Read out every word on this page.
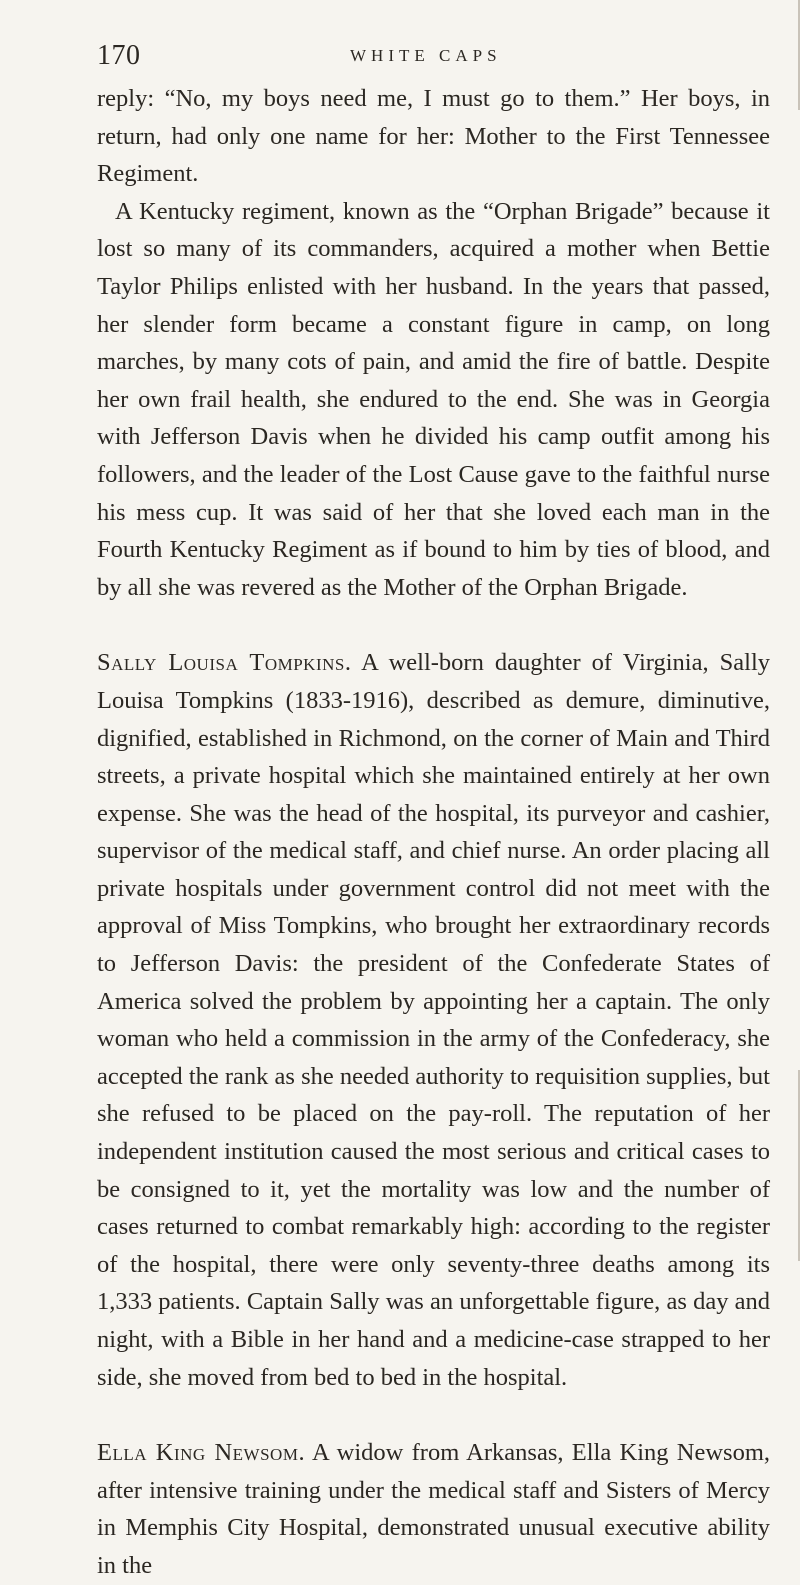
170	WHITE CAPS

reply: “No, my boys need me, I must go to them.” Her boys, in return, had only one name for her: Mother to the First Tennessee Regiment.

A Kentucky regiment, known as the “Orphan Brigade” because it lost so many of its commanders, acquired a mother when Bettie Taylor Philips enlisted with her husband. In the years that passed, her slender form became a constant figure in camp, on long marches, by many cots of pain, and amid the fire of battle. Despite her own frail health, she endured to the end. She was in Georgia with Jefferson Davis when he divided his camp outfit among his followers, and the leader of the Lost Cause gave to the faithful nurse his mess cup. It was said of her that she loved each man in the Fourth Kentucky Regiment as if bound to him by ties of blood, and by all she was revered as the Mother of the Orphan Brigade.

Sally Louisa Tompkins. A well-born daughter of Virginia, Sally Louisa Tompkins (1833-1916), described as demure, diminutive, dignified, established in Richmond, on the corner of Main and Third streets, a private hospital which she maintained entirely at her own expense. She was the head of the hospital, its purveyor and cashier, supervisor of the medical staff, and chief nurse. An order placing all private hospitals under government control did not meet with the approval of Miss Tompkins, who brought her extraordinary records to Jefferson Davis: the president of the Confederate States of America solved the problem by appointing her a captain. The only woman who held a commission in the army of the Confederacy, she accepted the rank as she needed authority to requisition supplies, but she refused to be placed on the pay-roll. The reputation of her independent institution caused the most serious and critical cases to be consigned to it, yet the mortality was low and the number of cases returned to combat remarkably high: according to the register of the hospital, there were only seventy-three deaths among its 1,333 patients. Captain Sally was an unforgettable figure, as day and night, with a Bible in her hand and a medicine-case strapped to her side, she moved from bed to bed in the hospital.

Ella King Newsom. A widow from Arkansas, Ella King Newsom, after intensive training under the medical staff and Sisters of Mercy in Memphis City Hospital, demonstrated unusual executive ability in the
